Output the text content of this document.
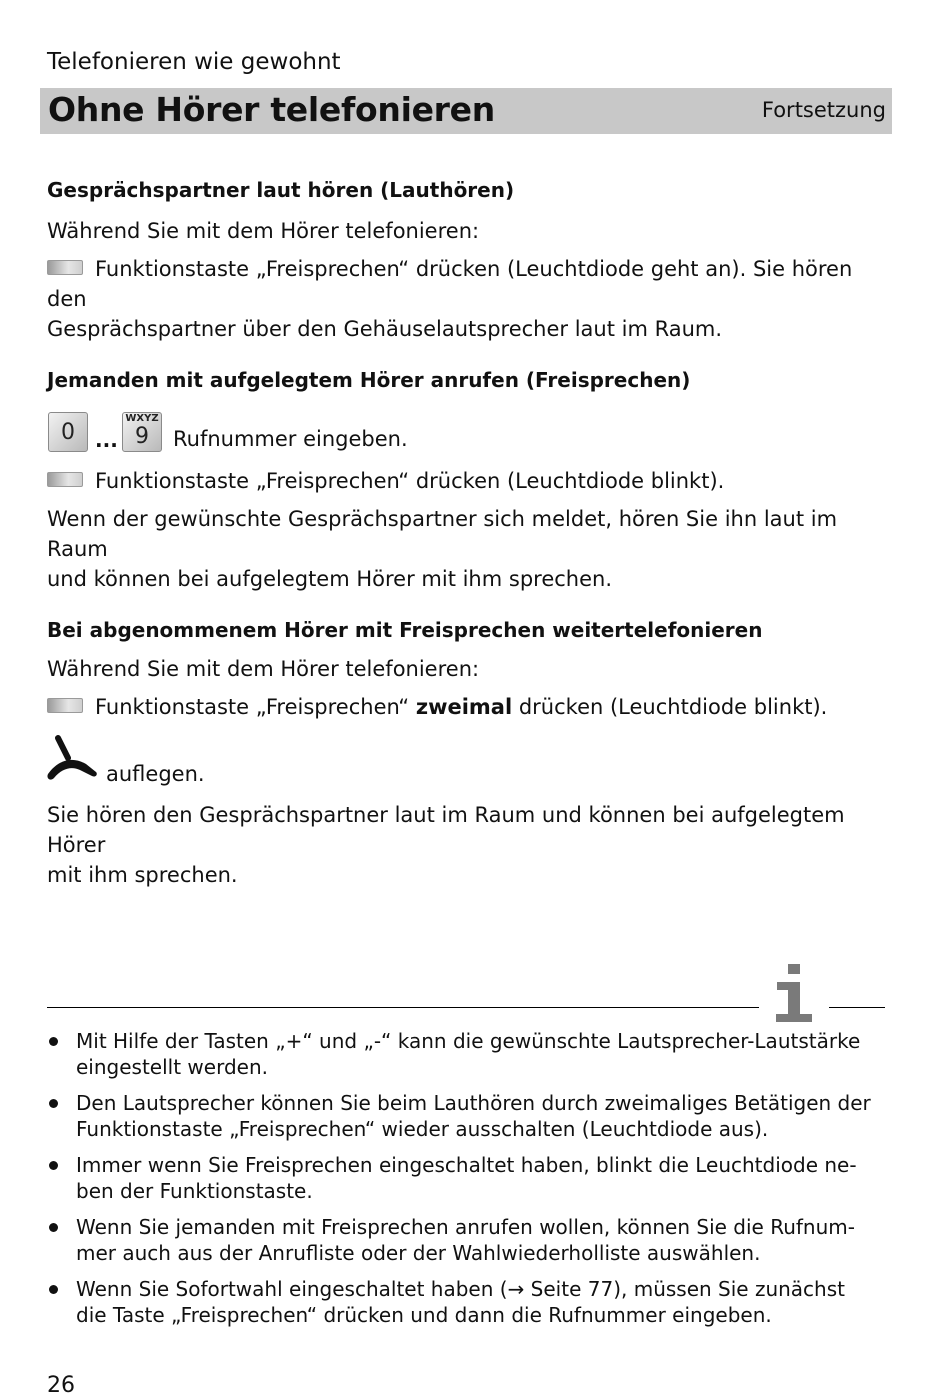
Telefonieren wie gewohnt
Ohne Hörer telefonieren	Fortsetzung
Gesprächspartner laut hören (Lauthören)
Während Sie mit dem Hörer telefonieren:
Funktionstaste „Freisprechen“ drücken (Leuchtdiode geht an). Sie hören den
Gesprächspartner über den Gehäuselautsprecher laut im Raum.
Jemanden mit aufgelegtem Hörer anrufen (Freisprechen)
0	...
WXYZ
9	Rufnummer eingeben.
Funktionstaste „Freisprechen“ drücken (Leuchtdiode blinkt).
Wenn der gewünschte Gesprächspartner sich meldet, hören Sie ihn laut im Raum
und können bei aufgelegtem Hörer mit ihm sprechen.
Bei abgenommenem Hörer mit Freisprechen weitertelefonieren
Während Sie mit dem Hörer telefonieren:
Funktionstaste „Freisprechen“ zweimal drücken (Leuchtdiode blinkt).
auflegen.
Sie hören den Gesprächspartner laut im Raum und können bei aufgelegtem Hörer
mit ihm sprechen.
Mit Hilfe der Tasten „+“ und „-“ kann die gewünschte Lautsprecher-Lautstärke
eingestellt werden.
Den Lautsprecher können Sie beim Lauthören durch zweimaliges Betätigen der
Funktionstaste „Freisprechen“ wieder ausschalten (Leuchtdiode aus).
Immer wenn Sie Freisprechen eingeschaltet haben, blinkt die Leuchtdiode ne-
ben der Funktionstaste.
Wenn Sie jemanden mit Freisprechen anrufen wollen, können Sie die Rufnum-
mer auch aus der Anrufliste oder der Wahlwiederholliste auswählen.
Wenn Sie Sofortwahl eingeschaltet haben (→ Seite 77), müssen Sie zunächst
die Taste „Freisprechen“ drücken und dann die Rufnummer eingeben.
26
